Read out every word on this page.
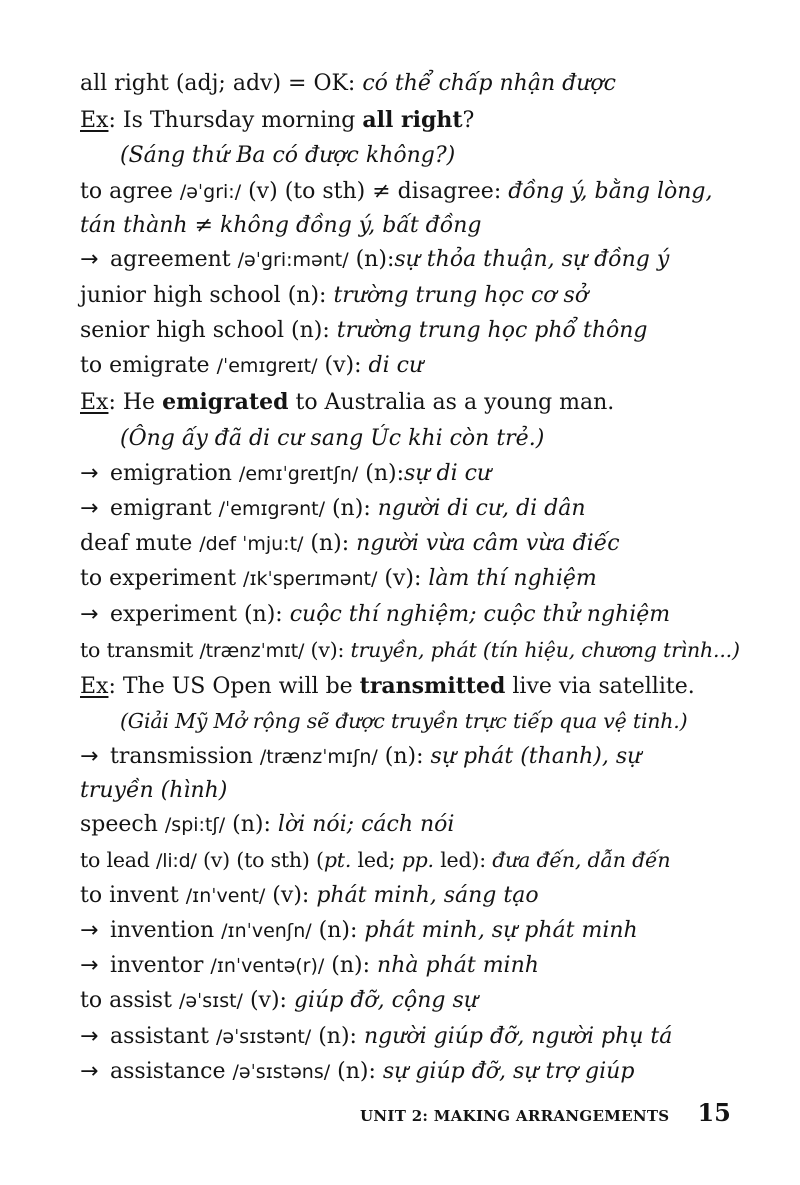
all right (adj; adv) = OK: có thể chấp nhận được
Ex: Is Thursday morning all right?
(Sáng thứ Ba có được không?)
to agree /əˈgri:/ (v) (to sth) ≠ disagree: đồng ý, bằng lòng,
tán thành ≠ không đồng ý, bất đồng
→ agreement /əˈgri:mənt/ (n):sự thỏa thuận, sự đồng ý
junior high school (n): trường trung học cơ sở
senior high school (n): trường trung học phổ thông
to emigrate /ˈemɪgreɪt/ (v): di cư
Ex: He emigrated to Australia as a young man.
(Ông ấy đã di cư sang Úc khi còn trẻ.)
→ emigration /emɪˈgreɪtʃn/ (n):sự di cư
→ emigrant /ˈemɪgrənt/ (n): người di cư, di dân
deaf mute /def ˈmju:t/ (n): người vừa câm vừa điếc
to experiment /ɪkˈsperɪmənt/ (v): làm thí nghiệm
→ experiment (n): cuộc thí nghiệm; cuộc thử nghiệm
to transmit /trænzˈmɪt/ (v): truyền, phát (tín hiệu, chương trình...)
Ex: The US Open will be transmitted live via satellite.
(Giải Mỹ Mở rộng sẽ được truyền trực tiếp qua vệ tinh.)
→ transmission /trænzˈmɪʃn/ (n): sự phát (thanh), sự
truyền (hình)
speech /spi:tʃ/ (n): lời nói; cách nói
to lead /li:d/ (v) (to sth) (pt. led; pp. led): đưa đến, dẫn đến
to invent /ɪnˈvent/ (v): phát minh, sáng tạo
→ invention /ɪnˈvenʃn/ (n): phát minh, sự phát minh
→ inventor /ɪnˈventə(r)/ (n): nhà phát minh
to assist /əˈsɪst/ (v): giúp đỡ, cộng sự
→ assistant /əˈsɪstənt/ (n): người giúp đỡ, người phụ tá
→ assistance /əˈsɪstəns/ (n): sự giúp đỡ, sự trợ giúp
UNIT 2: MAKING ARRANGEMENTS 15
